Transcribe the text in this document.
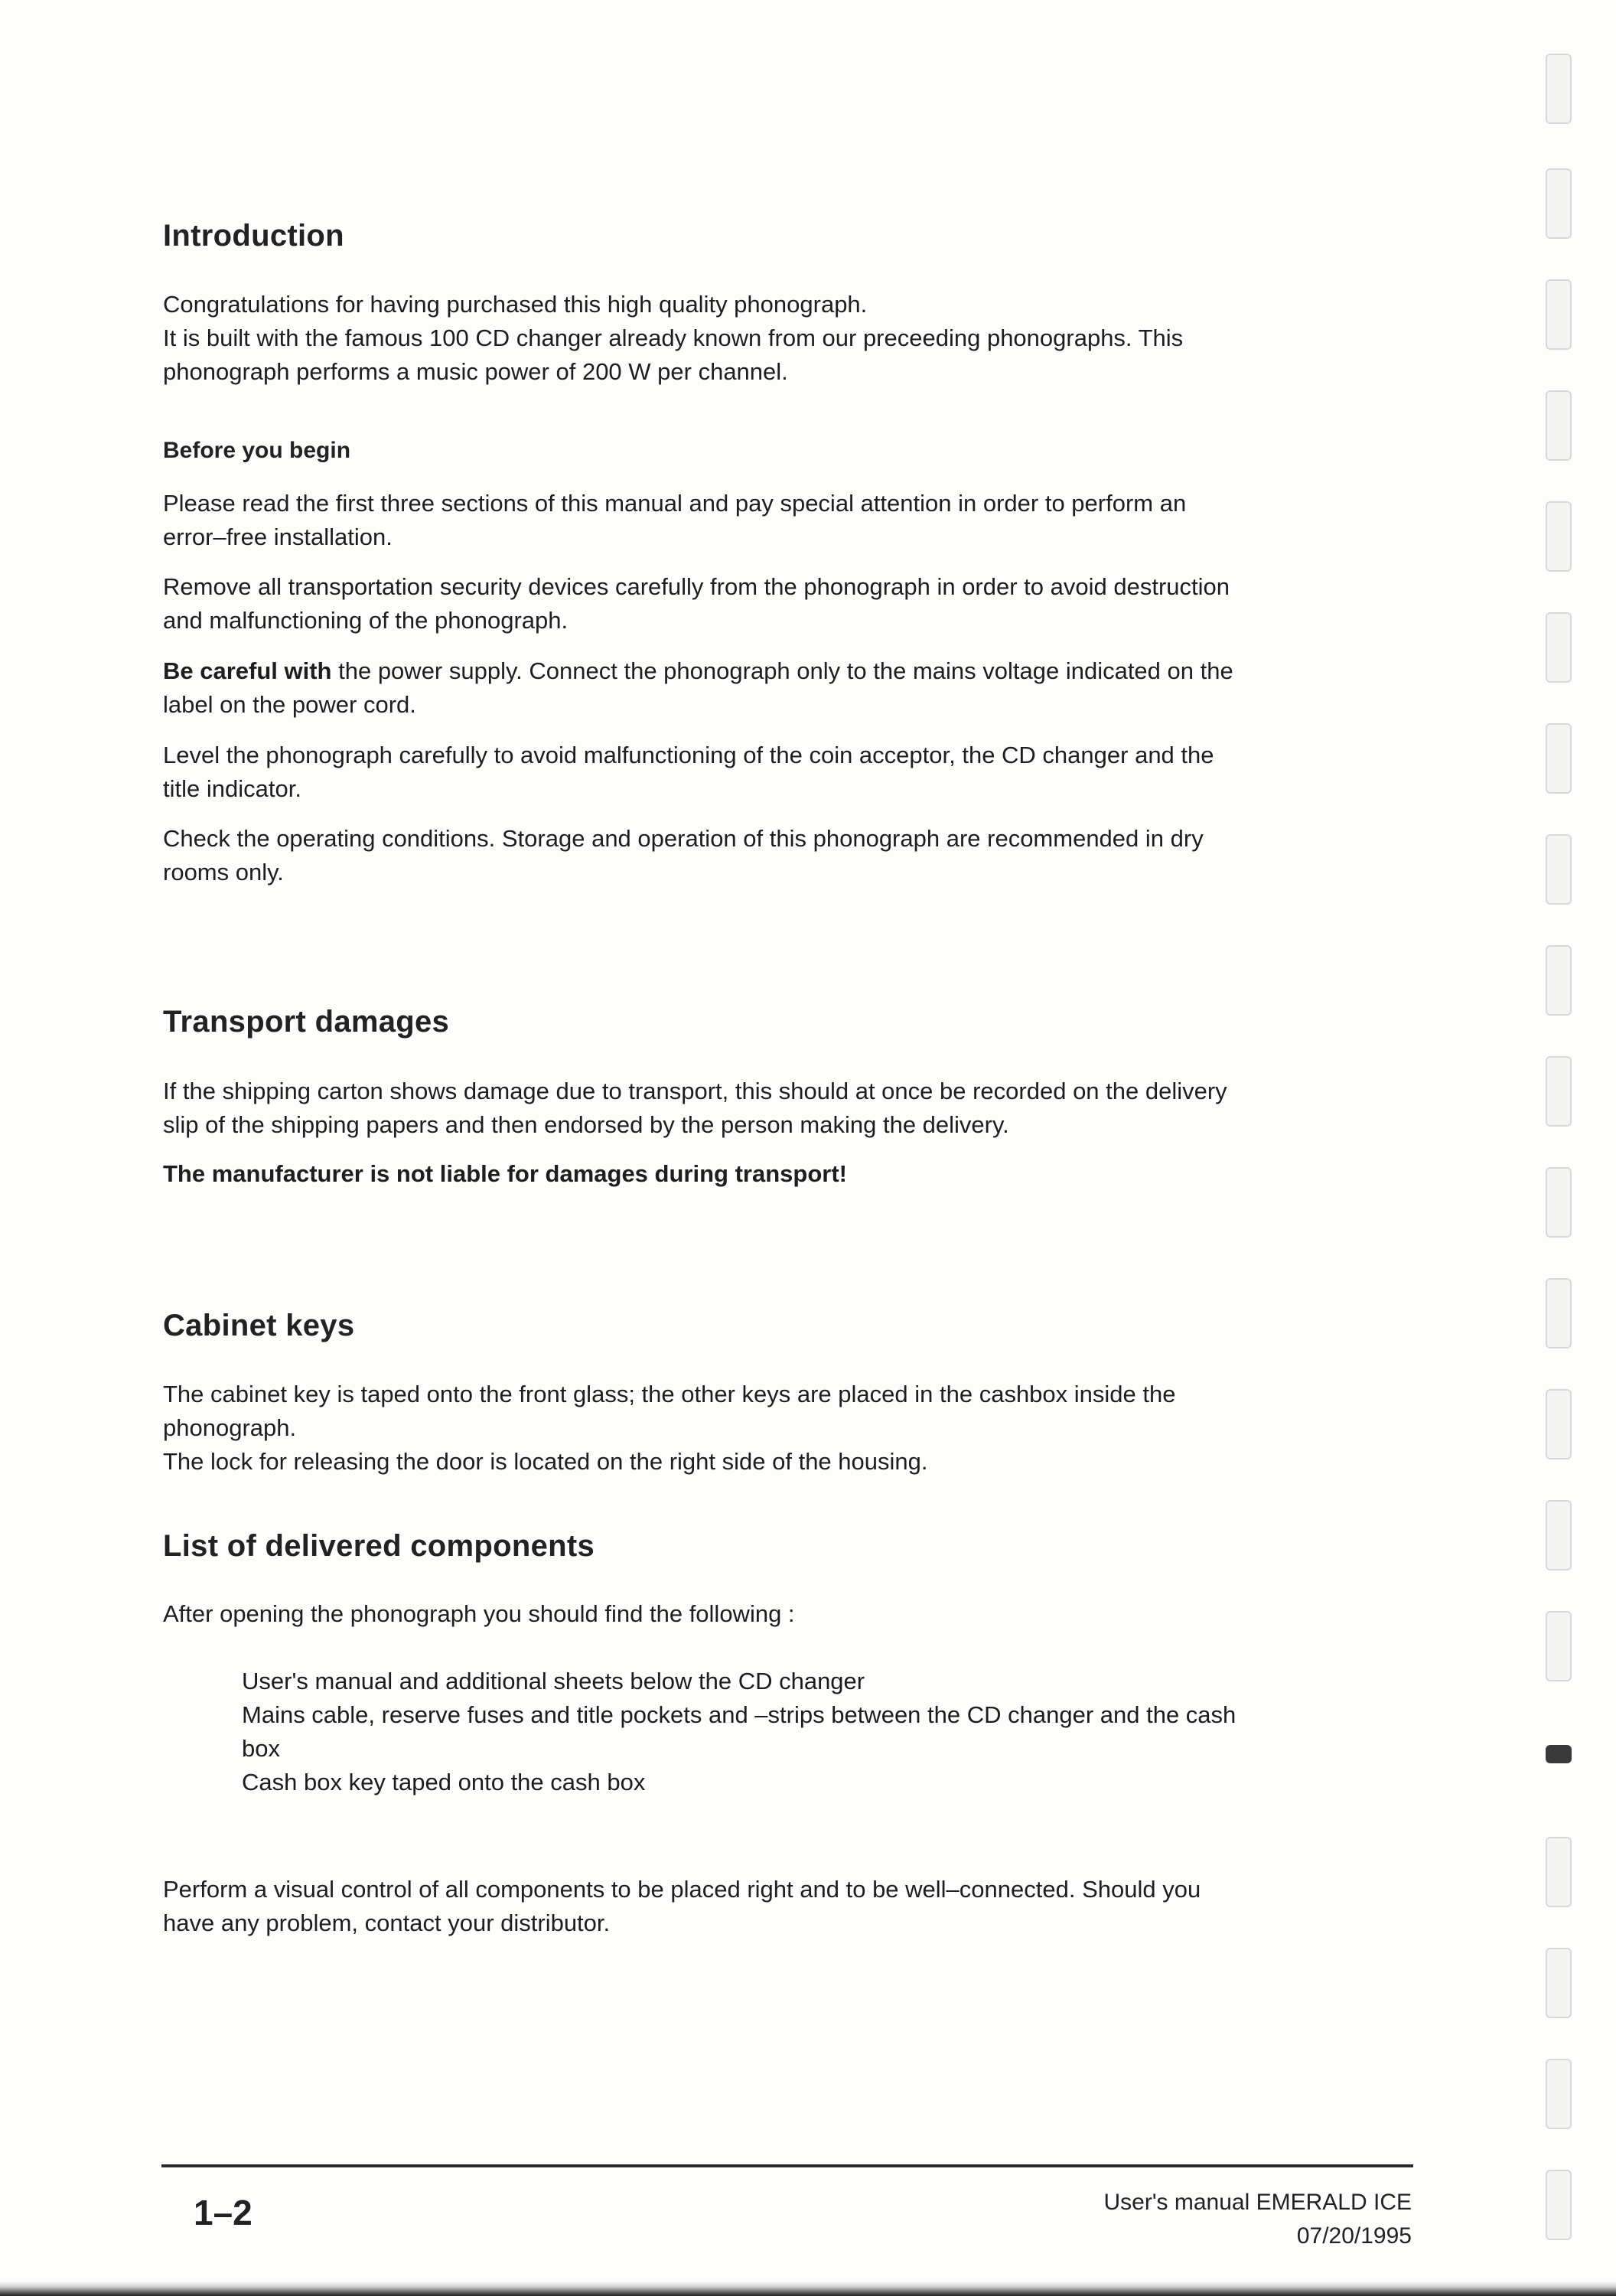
Introduction
Congratulations for having purchased this high quality phonograph.
It is built with the famous 100 CD changer already known from our preceeding phonographs. This
phonograph performs a music power of 200 W per channel.
Before you begin
Please read the first three sections of this manual and pay special attention in order to perform an
error–free installation.
Remove all transportation security devices carefully from the phonograph in order to avoid destruction
and malfunctioning of the phonograph.
Be careful with the power supply. Connect the phonograph only to the mains voltage indicated on the
label on the power cord.
Level the phonograph carefully to avoid malfunctioning of the coin acceptor, the CD changer and the
title indicator.
Check the operating conditions. Storage and operation of this phonograph are recommended in dry
rooms only.
Transport damages
If the shipping carton shows damage due to transport, this should at once be recorded on the delivery
slip of the shipping papers and then endorsed by the person making the delivery.
The manufacturer is not liable for damages during transport!
Cabinet keys
The cabinet key is taped onto the front glass; the other keys are placed in the cashbox inside the
phonograph.
The lock for releasing the door is located on the right side of the housing.
List of delivered components
After opening the phonograph you should find the following :
User's manual and additional sheets below the CD changer
Mains cable, reserve fuses and title pockets and –strips between the CD changer and the cash
box
Cash box key taped onto the cash box
Perform a visual control of all components to be placed right and to be well–connected. Should you
have any problem, contact your distributor.
1–2	User's manual EMERALD ICE
07/20/1995
